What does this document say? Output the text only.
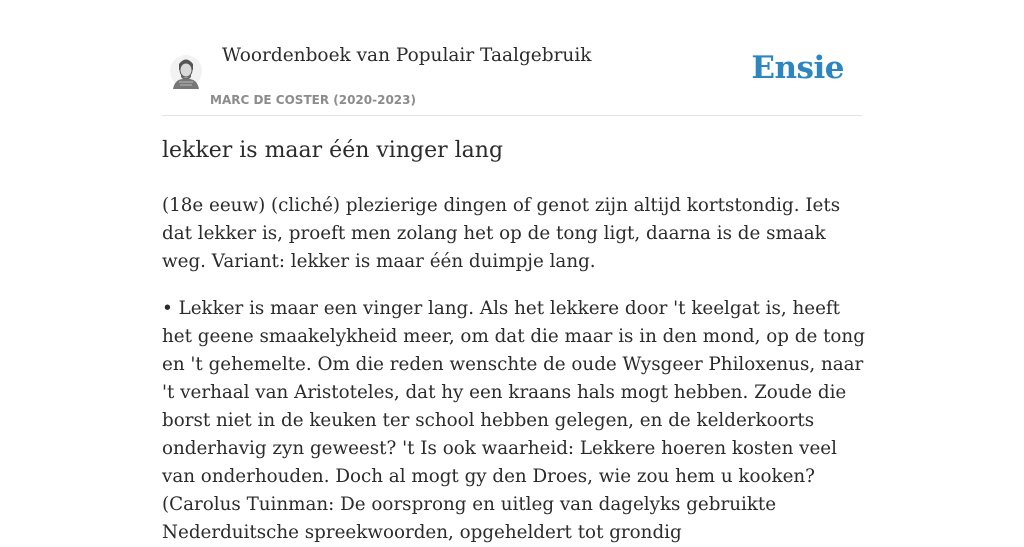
Woordenboek van Populair Taalgebruik
MARC DE COSTER (2020-2023)
Ensie
lekker is maar één vinger lang

(18e eeuw) (cliché) plezierige dingen of genot zijn altijd kortstondig. Iets dat lekker is, proeft men zolang het op de tong ligt, daarna is de smaak weg. Variant: lekker is maar één duimpje lang.

• Lekker is maar een vinger lang. Als het lekkere door 't keelgat is, heeft het geene smaakelykheid meer, om dat die maar is in den mond, op de tong en 't gehemelte. Om die reden wenschte de oude Wysgeer Philoxenus, naar 't verhaal van Aristoteles, dat hy een kraans hals mogt hebben. Zoude die borst niet in de keuken ter school hebben gelegen, en de kelderkoorts onderhavig zyn geweest? 't Is ook waarheid: Lekkere hoeren kosten veel van onderhouden. Doch al mogt gy den Droes, wie zou hem u kooken? (Carolus Tuinman: De oorsprong en uitleg van dagelyks gebruikte Nederduitsche spreekwoorden, opgeheldert tot grondig
